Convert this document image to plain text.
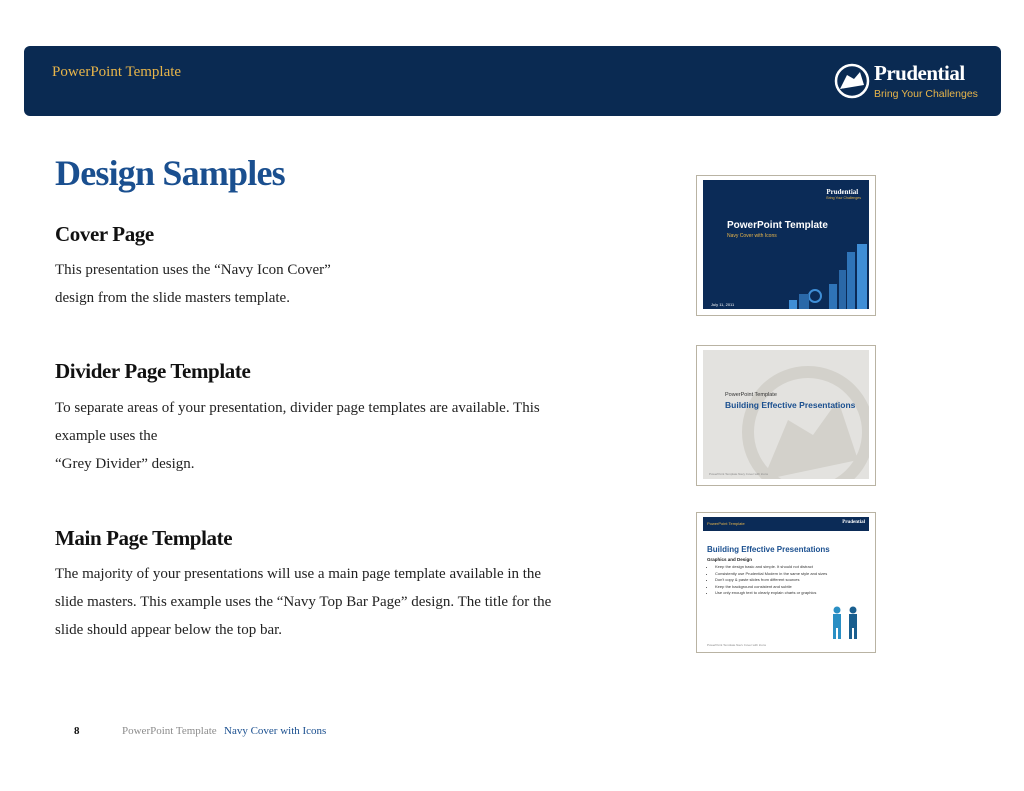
PowerPoint Template	Prudential
Bring Your Challenges
Design Samples
Cover Page
This presentation uses the “Navy Icon Cover”
design from the slide masters template.
Divider Page Template
To separate areas of your presentation, divider page templates are available. This
example uses the
“Grey Divider” design.
Main Page Template
The majority of your presentations will use a main page template available in the
slide masters. This example uses the “Navy Top Bar Page” design. The title for the
slide should appear below the top bar.
Prudential
Bring Your Challenges
PowerPoint Template
Navy Cover with Icons
July 11, 2011
PowerPoint Template
Building Effective Presentations
PowerPoint Template Navy Cover with Icons
PowerPoint Template	Prudential
Building Effective Presentations
Graphics and Design
• Keep the design basic and simple. It should not distract
• Consistently use Prudential Modern in the same style and sizes
• Don't copy & paste slides from different sources
• Keep the background consistent and subtle
• Use only enough text to clearly explain charts or graphics
PowerPoint Template Navy Cover with Icons
8	PowerPoint Template Navy Cover with Icons
